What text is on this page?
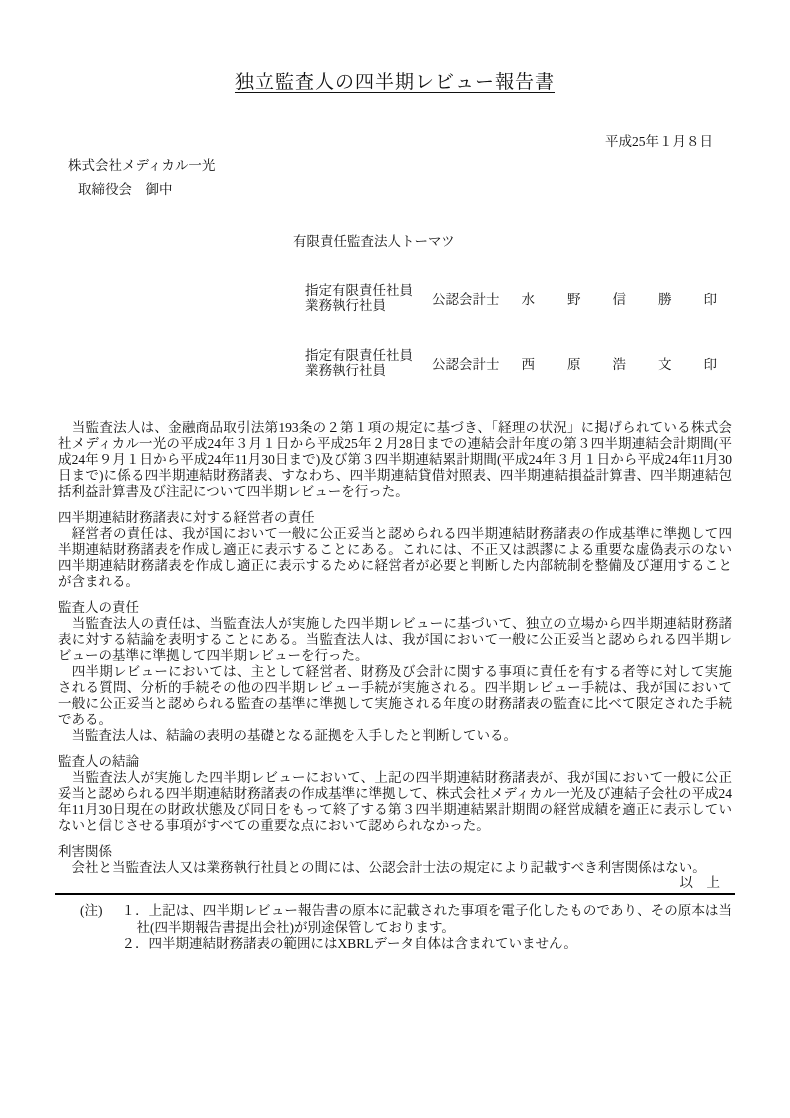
独立監査人の四半期レビュー報告書
平成25年１月８日
株式会社メディカル一光
取締役会　御中
有限責任監査法人トーマツ
指定有限責任社員
業務執行社員	公認会計士 水野信勝 印
指定有限責任社員
業務執行社員	公認会計士 西原浩文 印

　当監査法人は、金融商品取引法第193条の２第１項の規定に基づき、「経理の状況」に掲げられている株式会社メディカル一光の平成24年３月１日から平成25年２月28日までの連結会計年度の第３四半期連結会計期間(平成24年９月１日から平成24年11月30日まで)及び第３四半期連結累計期間(平成24年３月１日から平成24年11月30日まで)に係る四半期連結財務諸表、すなわち、四半期連結貸借対照表、四半期連結損益計算書、四半期連結包括利益計算書及び注記について四半期レビューを行った。

四半期連結財務諸表に対する経営者の責任

　経営者の責任は、我が国において一般に公正妥当と認められる四半期連結財務諸表の作成基準に準拠して四半期連結財務諸表を作成し適正に表示することにある。これには、不正又は誤謬による重要な虚偽表示のない四半期連結財務諸表を作成し適正に表示するために経営者が必要と判断した内部統制を整備及び運用することが含まれる。

監査人の責任

　当監査法人の責任は、当監査法人が実施した四半期レビューに基づいて、独立の立場から四半期連結財務諸表に対する結論を表明することにある。当監査法人は、我が国において一般に公正妥当と認められる四半期レビューの基準に準拠して四半期レビューを行った。

　四半期レビューにおいては、主として経営者、財務及び会計に関する事項に責任を有する者等に対して実施される質問、分析的手続その他の四半期レビュー手続が実施される。四半期レビュー手続は、我が国において一般に公正妥当と認められる監査の基準に準拠して実施される年度の財務諸表の監査に比べて限定された手続である。

　当監査法人は、結論の表明の基礎となる証拠を入手したと判断している。

監査人の結論

　当監査法人が実施した四半期レビューにおいて、上記の四半期連結財務諸表が、我が国において一般に公正妥当と認められる四半期連結財務諸表の作成基準に準拠して、株式会社メディカル一光及び連結子会社の平成24年11月30日現在の財政状態及び同日をもって終了する第３四半期連結累計期間の経営成績を適正に表示していないと信じさせる事項がすべての重要な点において認められなかった。

利害関係

　会社と当監査法人又は業務執行社員との間には、公認会計士法の規定により記載すべき利害関係はない。

以　上
(注) １．上記は、四半期レビュー報告書の原本に記載された事項を電子化したものであり、その原本は当社(四半期報告書提出会社)が別途保管しております。
２．四半期連結財務諸表の範囲にはXBRLデータ自体は含まれていません。
